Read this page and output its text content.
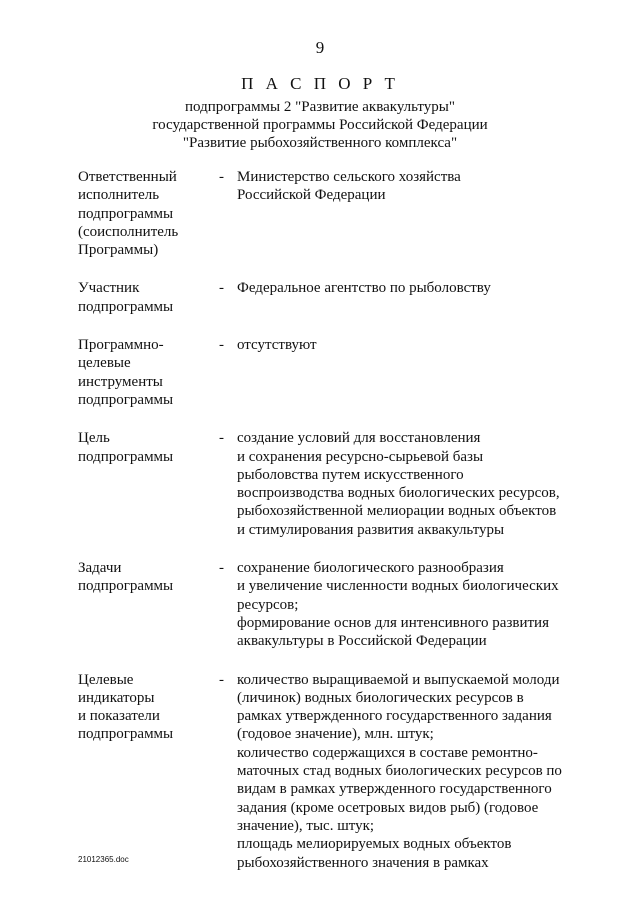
9
П А С П О Р Т
подпрограммы 2 "Развитие аквакультуры"
государственной программы Российской Федерации
"Развитие рыбохозяйственного комплекса"
Ответственный
исполнитель
подпрограммы
(соисполнитель
Программы)
- Министерство сельского хозяйства
Российской Федерации
Участник
подпрограммы
- Федеральное агентство по рыболовству
Программно-
целевые
инструменты
подпрограммы
- отсутствуют
Цель
подпрограммы
- создание условий для восстановления
и сохранения ресурсно-сырьевой базы
рыболовства путем искусственного
воспроизводства водных биологических ресурсов,
рыбохозяйственной мелиорации водных объектов
и стимулирования развития аквакультуры
Задачи
подпрограммы
- сохранение биологического разнообразия
и увеличение численности водных биологических
ресурсов;
формирование основ для интенсивного развития
аквакультуры в Российской Федерации
Целевые
индикаторы
и показатели
подпрограммы
- количество выращиваемой и выпускаемой молоди
(личинок) водных биологических ресурсов в
рамках утвержденного государственного задания
(годовое значение), млн. штук;
количество содержащихся в составе ремонтно-
маточных стад водных биологических ресурсов по
видам в рамках утвержденного государственного
задания (кроме осетровых видов рыб) (годовое
значение), тыс. штук;
площадь мелиорируемых водных объектов
рыбохозяйственного значения в рамках
21012365.doc
